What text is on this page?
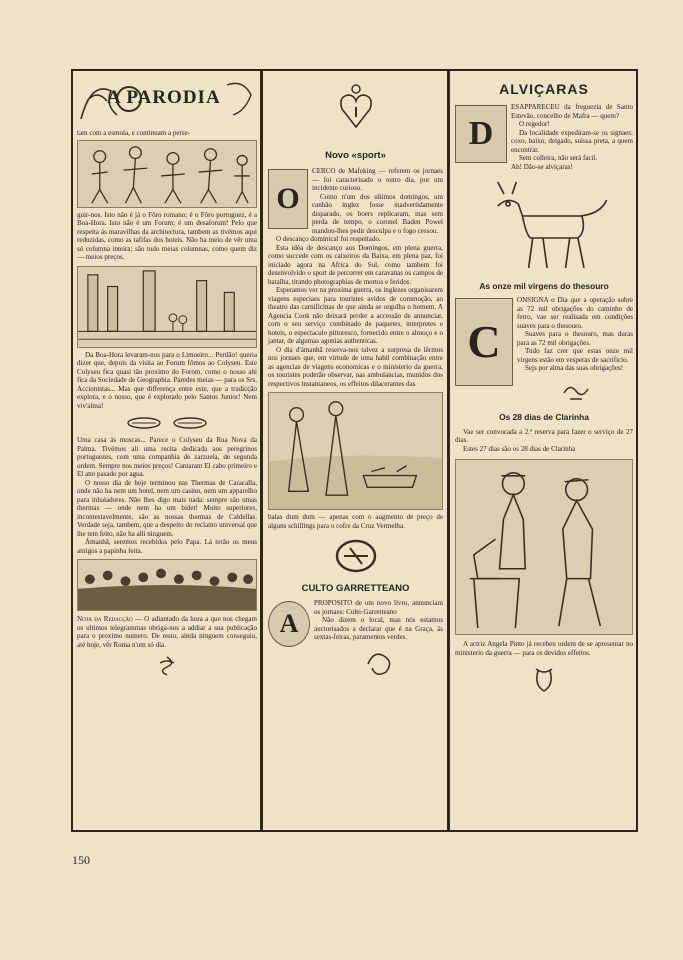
A PARODIA

tam com a esmola, e continuam a perse-

guir-nos. Isto não é já o Fôro romano; é o Fôro portuguez, é a Boa-Hora. Isto não é um Forum; é um desaforum! Pelo que respeita ás maravilhas da architectura, tambem as tivémos aqui reduzidas, como as tafifas dos hoteis. Não ha meio de vêr uma só columna inteira; são tudo meias columnas, como quem diz — meios preços.

Da Boa-Hora levaram-nos para o Limoeiro... Perdão! queria dizer que, depois da visita ao Forum fômos ao Colyseu. Este Colyseu fica quasi tão proximo do Forom, como o nosso ahi fica da Sociedade de Geographia. Paredes meias — para os Srs. Accionistas... Mas que differença entre este, que a tradicção explora, e o nosso, que é explorado pelo Santos Junior! Nem viv'alma!

Uma casa ás moscas... Parece o Colyseu da Rua Nova da Palma. Tivémos ali uma recita dedicada aos peregrinos portuguezes, com uma companhia de zarzuela, de segunda ordem. Sempre nos meios preços! Cantaram El cabo primeiro e El ano pasado por agua.

O nosso dia de hoje terminou nas Thermas de Caracalla, onde não ha nem um hotel, nem um casino, nem um apparelho para inhaladores. Não lhes digo mais nada: sempre são umas thermas — onde nem ha um bidet! Muito superiores, incontestavelmente, são as nossas thermas de Caldellas. Verdade seja, tambem, que a despeito do reclamo universal que lhe tem feito, não ha alli ninguem.

Ámanhã, seremos recebidos pelo Papa. Lá terão os meus amigos a papinha feita.

Nota da Redacção — O adiantado da hora a que nos chegam os ultimos telegrammas obriga-nos a addiar a sua publicação para o proximo numero. De resto, ainda ninguem conseguiu, até hoje, vêr Roma n'um só dia.

Novo «sport»
O

CERCO de Mafeking — referem os jornaes — foi caracterisado o outro dia, por um incidente curioso.

Como n'um dos ultimos domingos, um canhão inglez fosse inadvertidamente disparado, os boers replicaram, mas sem perda de tempo, o coronel Baden Powel mandou-lhes pedir desculpa e o fogo cessou.

O descanço dominical foi respeitado.

Esta idêa de descanço aos Domingos, em plena guerra, como succede com os caixeiros da Baixa, em plena paz, foi iniciado agora na Africa do Sul, como tambem foi desenvolvido o sport de percorrer em caravanas os campos de batalha, tirando photographias de mortos e feridos.

Esperamos ver na proxima guerra, os inglezes organisarem viagens especiaes para touristes avidos de commoção, ao theatro das carnificinas de que ainda se orgulha o homem. A Agencia Cook não deixará perder a accessão de annunciar, com o seu serviço combinado de paquetes, interpretes e hoteis, o espectaculo pittoresco, fornecido entre o almoço e o jantar, de algumas agonias authenticas.

O dia d'ámanhã reserva-nos talvez a surpresa de lêrmos nos jornaes que, em virtude de uma habil combinação entre as agencias de viagens economicas e o ministerio da guerra, os touristes poderão observar, nas ambulancias, munidos dos respectivos instantaneos, os effeitos dilacerantes das

balas dum dum — apenas com o augmento de preço de alguns schillings para o cofre da Cruz Vermelha.

CULTO GARRETTEANO
A

PROPOSITO de um novo livro, annunciam os jornaes: Culto Garretteano

Não dizem o local, mas nós estamos auctorisados a declarar que é na Graça, ás sextas-feiras, paramentos verdes.

ALVIÇARAS
D

ESAPPARECEU da freguezia de Santo Estevão, concelho de Mafra — quem?

O regedor!

Da localidade expediram-se os signaes: coxo, baixo, delgado, suissa preta, a quem encontrar.

Sem colleira, não será facil.

Ah! Dão-se alviçaras!

As onze mil virgens do thesouro
C

ONSIGNA o Dia que a operação sobre as 72 mil obrigações do caminho de ferro, vae ser realisada em condições suaves para o thesouro.

Suaves para o thesouro, mas duras para as 72 mil obrigações.

Tudo faz crer que estas onze mil virgens estão em vesperas de sacrificio.

Sejs por alma das suas obrigações!

Os 28 dias de Clarinha

Vae ser convocada a 2.ª reserva para fazer o serviço de 27 dias.

Estes 27 dias são os 28 dias de Clarinha

A actriz Angela Pinto já recebeu ordem de se apresentar no ministerio da guerra — para os devidos effeitos.

150
